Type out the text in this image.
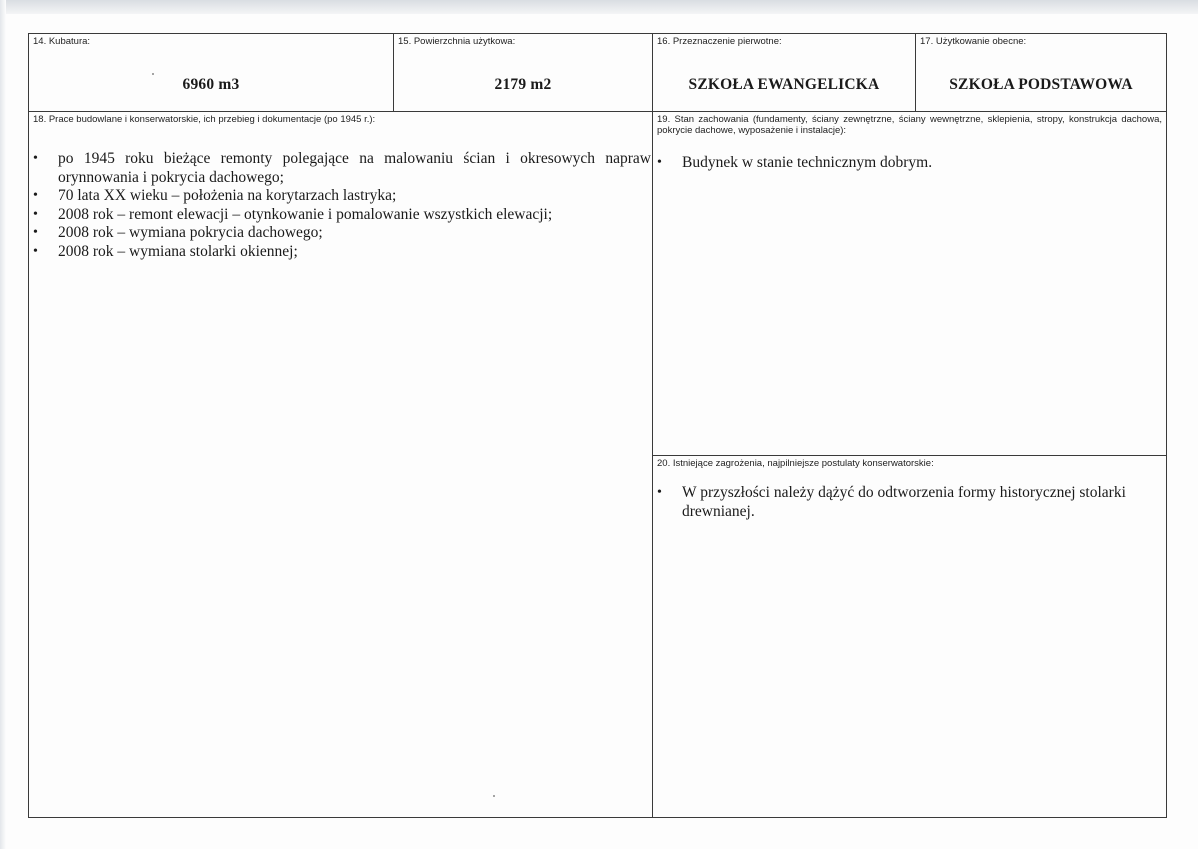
14. Kubatura:
6960 m3
15. Powierzchnia użytkowa:
2179 m2
16. Przeznaczenie pierwotne:
SZKOŁA EWANGELICKA
17. Użytkowanie obecne:
SZKOŁA PODSTAWOWA
18. Prace budowlane i konserwatorskie, ich przebieg i dokumentacje (po 1945 r.):
• po 1945 roku bieżące remonty polegające na malowaniu ścian i okresowych napraw orynnowania i pokrycia dachowego;
• 70 lata XX wieku – położenia na korytarzach lastryka;
• 2008 rok – remont elewacji – otynkowanie i pomalowanie wszystkich elewacji;
• 2008 rok – wymiana pokrycia dachowego;
• 2008 rok – wymiana stolarki okiennej;
19. Stan zachowania (fundamenty, ściany zewnętrzne, ściany wewnętrzne, sklepienia, stropy, konstrukcja dachowa, pokrycie dachowe, wyposażenie i instalacje):
• Budynek w stanie technicznym dobrym.
20. Istniejące zagrożenia, najpilniejsze postulaty konserwatorskie:
• W przyszłości należy dążyć do odtworzenia formy historycznej stolarki drewnianej.
